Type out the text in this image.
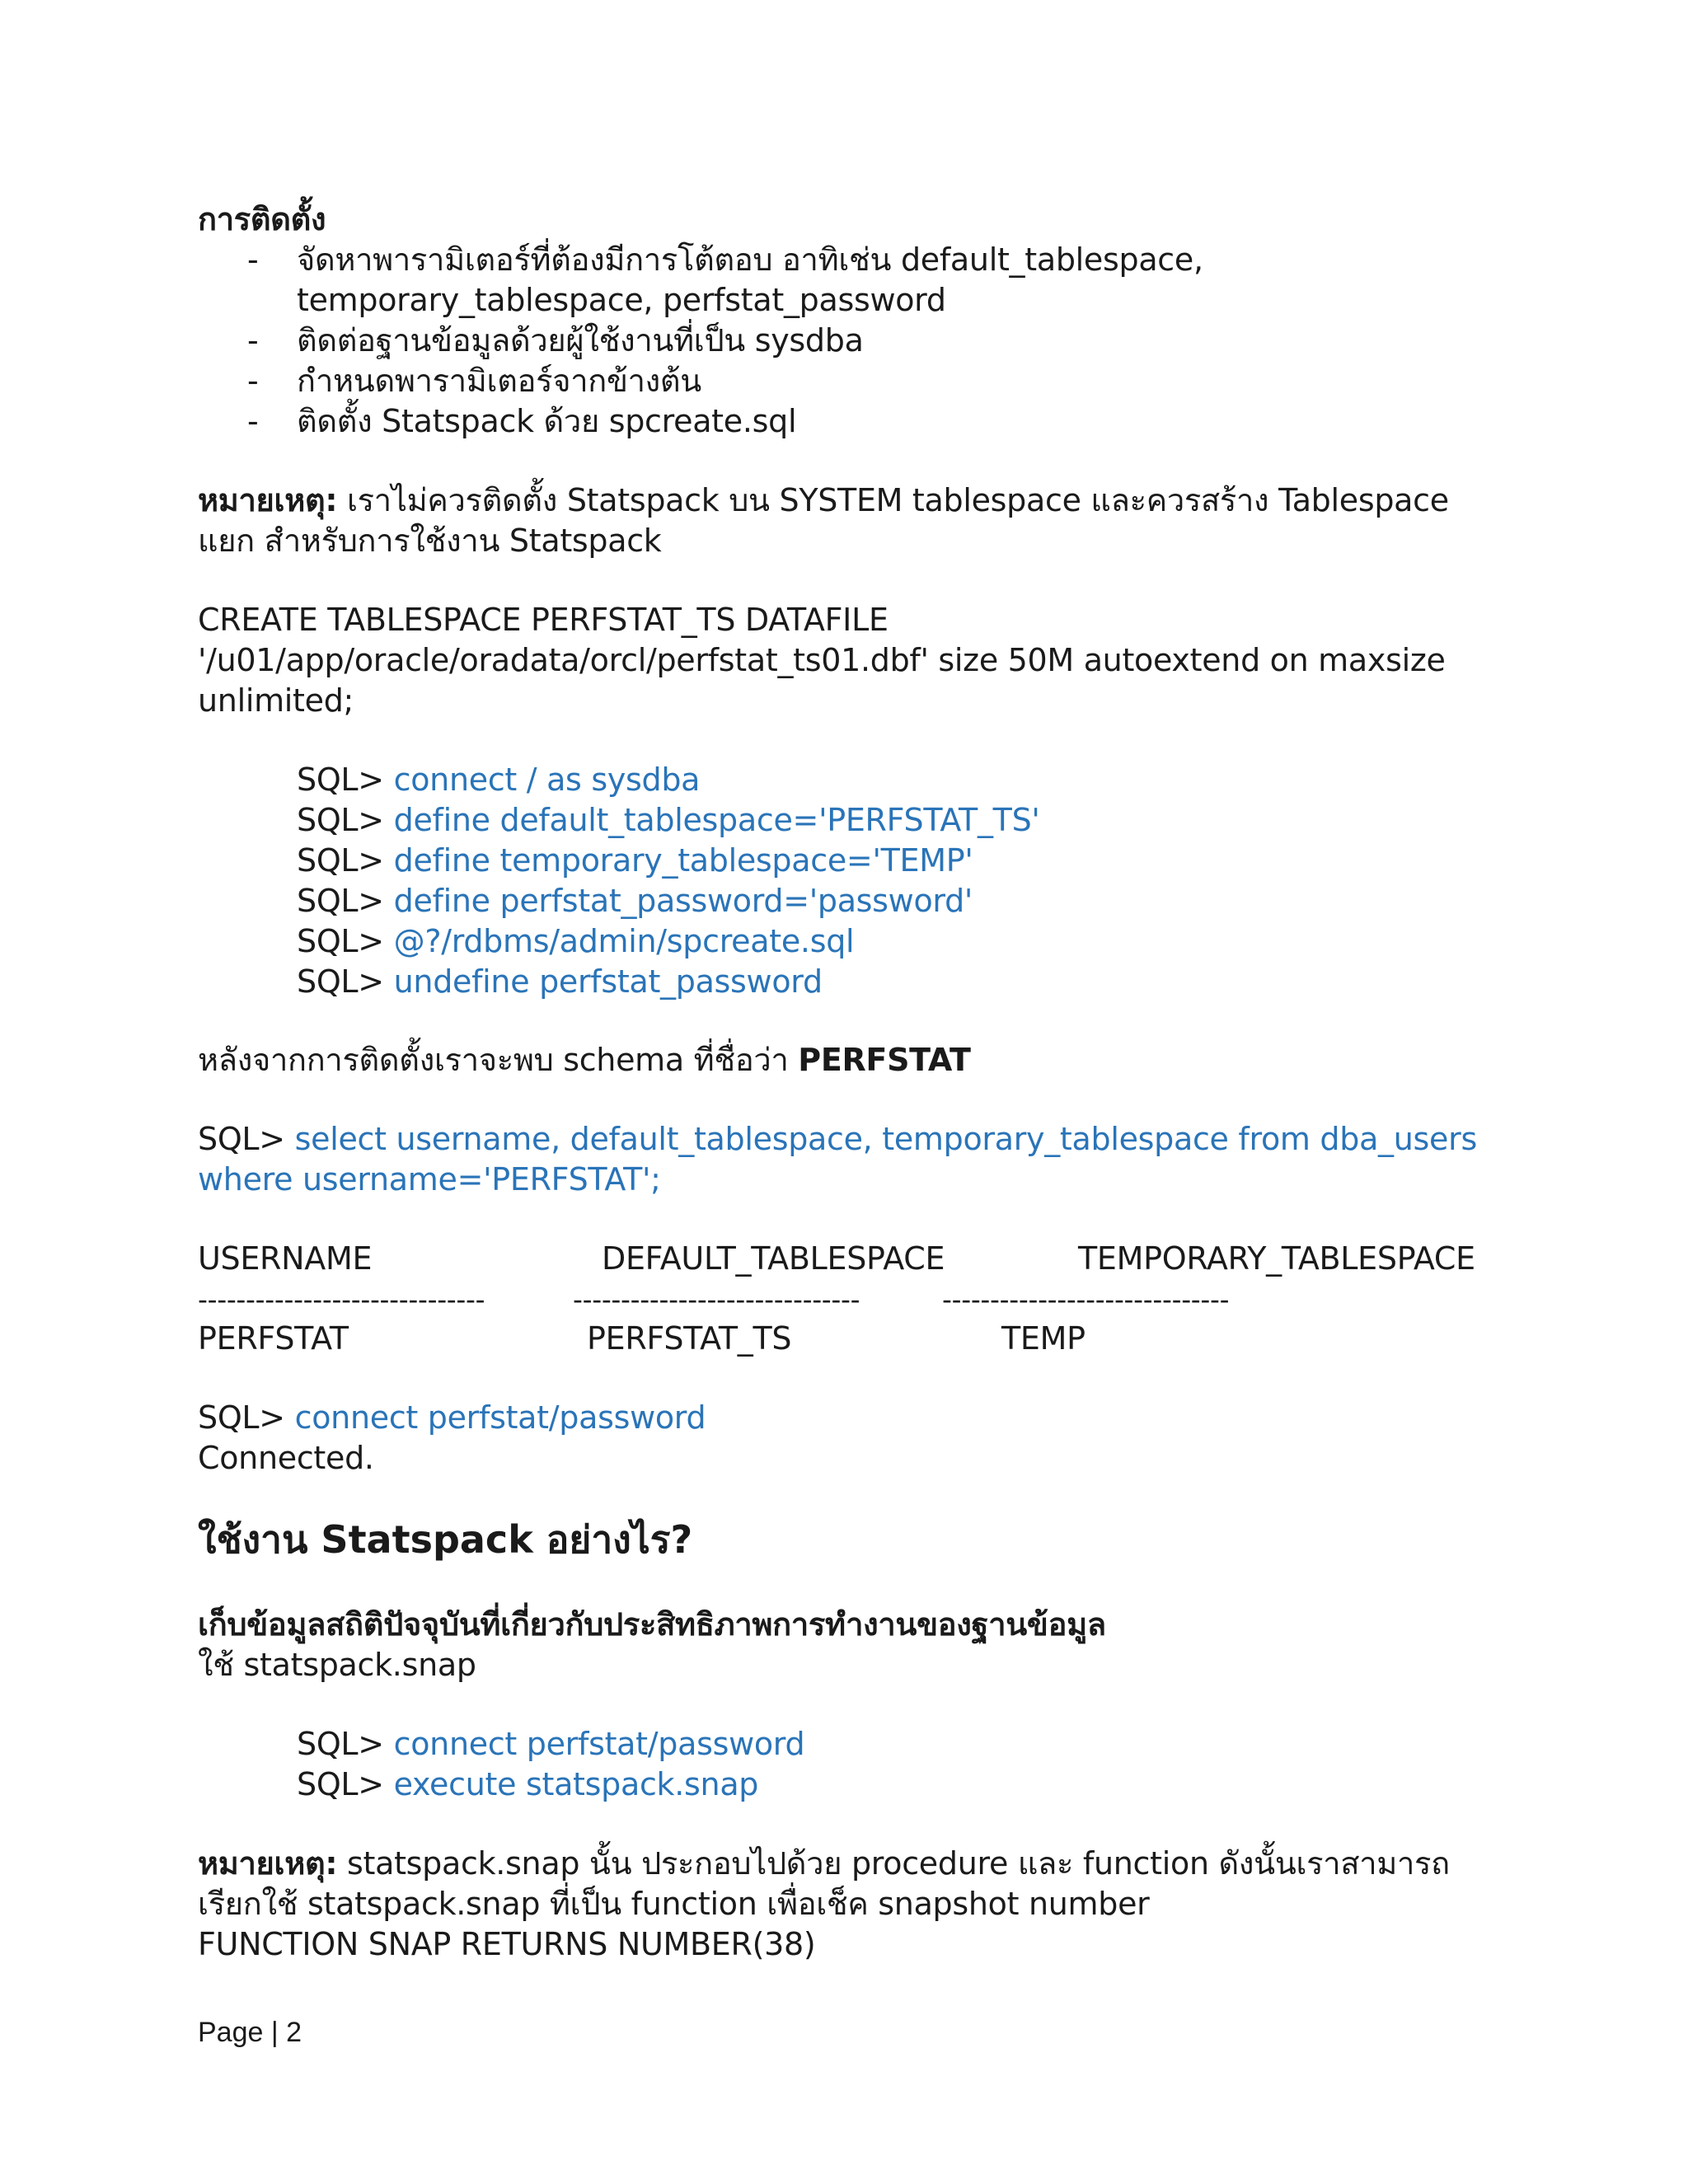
การติดตั้ง
- จัดหาพารามิเตอร์ที่ต้องมีการโต้ตอบ อาทิเช่น default_tablespace,
temporary_tablespace, perfstat_password
- ติดต่อฐานข้อมูลด้วยผู้ใช้งานที่เป็น sysdba
- กำหนดพารามิเตอร์จากข้างต้น
- ติดตั้ง Statspack ด้วย spcreate.sql
หมายเหตุ: เราไม่ควรติดตั้ง Statspack บน SYSTEM tablespace และควรสร้าง Tablespace
แยก สำหรับการใช้งาน Statspack
CREATE TABLESPACE PERFSTAT_TS DATAFILE
'/u01/app/oracle/oradata/orcl/perfstat_ts01.dbf' size 50M autoextend on maxsize
unlimited;
SQL> connect / as sysdba
SQL> define default_tablespace='PERFSTAT_TS'
SQL> define temporary_tablespace='TEMP'
SQL> define perfstat_password='password'
SQL> @?/rdbms/admin/spcreate.sql
SQL> undefine perfstat_password
หลังจากการติดตั้งเราจะพบ schema ที่ชื่อว่า PERFSTAT
SQL> select username, default_tablespace, temporary_tablespace from dba_users
where username='PERFSTAT';
USERNAME	DEFAULT_TABLESPACE	TEMPORARY_TABLESPACE
------------------------------	------------------------------	------------------------------
PERFSTAT	PERFSTAT_TS	TEMP
SQL> connect perfstat/password
Connected.
ใช้งาน Statspack อย่างไร?
เก็บข้อมูลสถิติปัจจุบันที่เกี่ยวกับประสิทธิภาพการทำงานของฐานข้อมูล
ใช้ statspack.snap
SQL> connect perfstat/password
SQL> execute statspack.snap
หมายเหตุ: statspack.snap นั้น ประกอบไปด้วย procedure และ function ดังนั้นเราสามารถ
เรียกใช้ statspack.snap ที่เป็น function เพื่อเช็ค snapshot number
FUNCTION SNAP RETURNS NUMBER(38)
Page | 2
